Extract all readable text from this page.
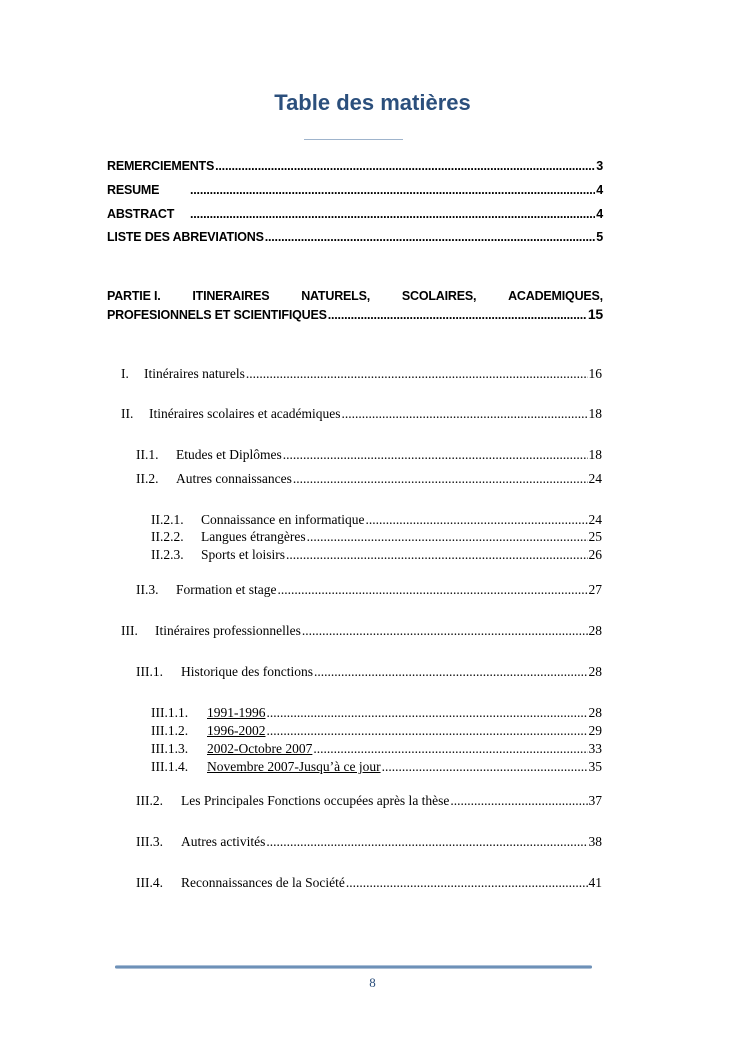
Table des matières
REMERCIEMENTS .....	3
RESUME .....	4
ABSTRACT .....	4
LISTE DES ABREVIATIONS .....	5
PARTIE I.	ITINERAIRES	NATURELS,	SCOLAIRES,	ACADEMIQUES,
PROFESIONNELS ET SCIENTIFIQUES .....	15
I.	Itinéraires naturels .....	16
II.	Itinéraires scolaires et académiques .....	18
II.1.	Etudes et Diplômes .....	18
II.2.	Autres connaissances .....	24
II.2.1.	Connaissance en informatique .....	24
II.2.2.	Langues étrangères .....	25
II.2.3.	Sports et loisirs .....	26
II.3.	Formation et stage .....	27
III.	Itinéraires professionnelles .....	28
III.1.	Historique des fonctions .....	28
III.1.1.	1991-1996 .....	28
III.1.2.	1996-2002 .....	29
III.1.3.	2002-Octobre 2007 .....	33
III.1.4.	Novembre 2007-Jusqu’à ce jour .....	35
III.2.	Les Principales Fonctions occupées après la thèse .....	37
III.3.	Autres activités .....	38
III.4.	Reconnaissances de la Société .....	41
8
